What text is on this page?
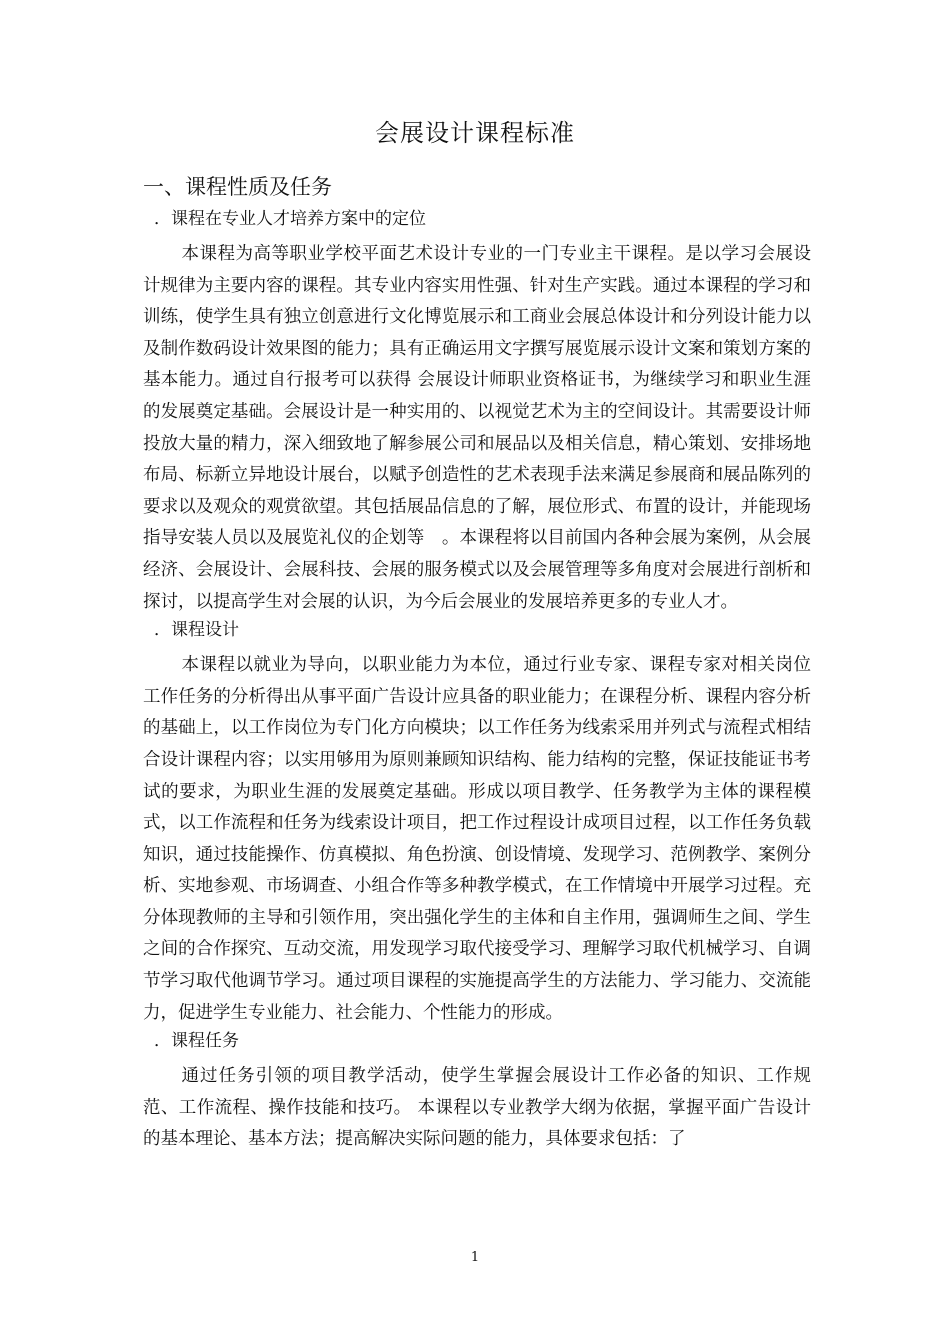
会展设计课程标准
一、课程性质及任务
．课程在专业人才培养方案中的定位

本课程为高等职业学校平面艺术设计专业的一门专业主干课程。是以学习会展设计规律为主要内容的课程。其专业内容实用性强、针对生产实践。通过本课程的学习和训练，使学生具有独立创意进行文化博览展示和工商业会展总体设计和分列设计能力以及制作数码设计效果图的能力；具有正确运用文字撰写展览展示设计文案和策划方案的基本能力。通过自行报考可以获得 会展设计师职业资格证书，为继续学习和职业生涯的发展奠定基础。会展设计是一种实用的、以视觉艺术为主的空间设计。其需要设计师投放大量的精力，深入细致地了解参展公司和展品以及相关信息，精心策划、安排场地布局、标新立异地设计展台，以赋予创造性的艺术表现手法来满足参展商和展品陈列的要求以及观众的观赏欲望。其包括展品信息的了解，展位形式、布置的设计，并能现场指导安装人员以及展览礼仪的企划等　。本课程将以目前国内各种会展为案例，从会展经济、会展设计、会展科技、会展的服务模式以及会展管理等多角度对会展进行剖析和探讨，以提高学生对会展的认识，为今后会展业的发展培养更多的专业人才。

．课程设计

本课程以就业为导向，以职业能力为本位，通过行业专家、课程专家对相关岗位工作任务的分析得出从事平面广告设计应具备的职业能力；在课程分析、课程内容分析的基础上，以工作岗位为专门化方向模块；以工作任务为线索采用并列式与流程式相结合设计课程内容；以实用够用为原则兼顾知识结构、能力结构的完整，保证技能证书考试的要求，为职业生涯的发展奠定基础。形成以项目教学、任务教学为主体的课程模式，以工作流程和任务为线索设计项目，把工作过程设计成项目过程，以工作任务负载知识，通过技能操作、仿真模拟、角色扮演、创设情境、发现学习、范例教学、案例分析、实地参观、市场调查、小组合作等多种教学模式，在工作情境中开展学习过程。充分体现教师的主导和引领作用，突出强化学生的主体和自主作用，强调师生之间、学生之间的合作探究、互动交流，用发现学习取代接受学习、理解学习取代机械学习、自调节学习取代他调节学习。通过项目课程的实施提高学生的方法能力、学习能力、交流能力，促进学生专业能力、社会能力、个性能力的形成。

．课程任务

通过任务引领的项目教学活动，使学生掌握会展设计工作必备的知识、工作规范、工作流程、操作技能和技巧。 本课程以专业教学大纲为依据，掌握平面广告设计的基本理论、基本方法；提高解决实际问题的能力，具体要求包括：了

1
